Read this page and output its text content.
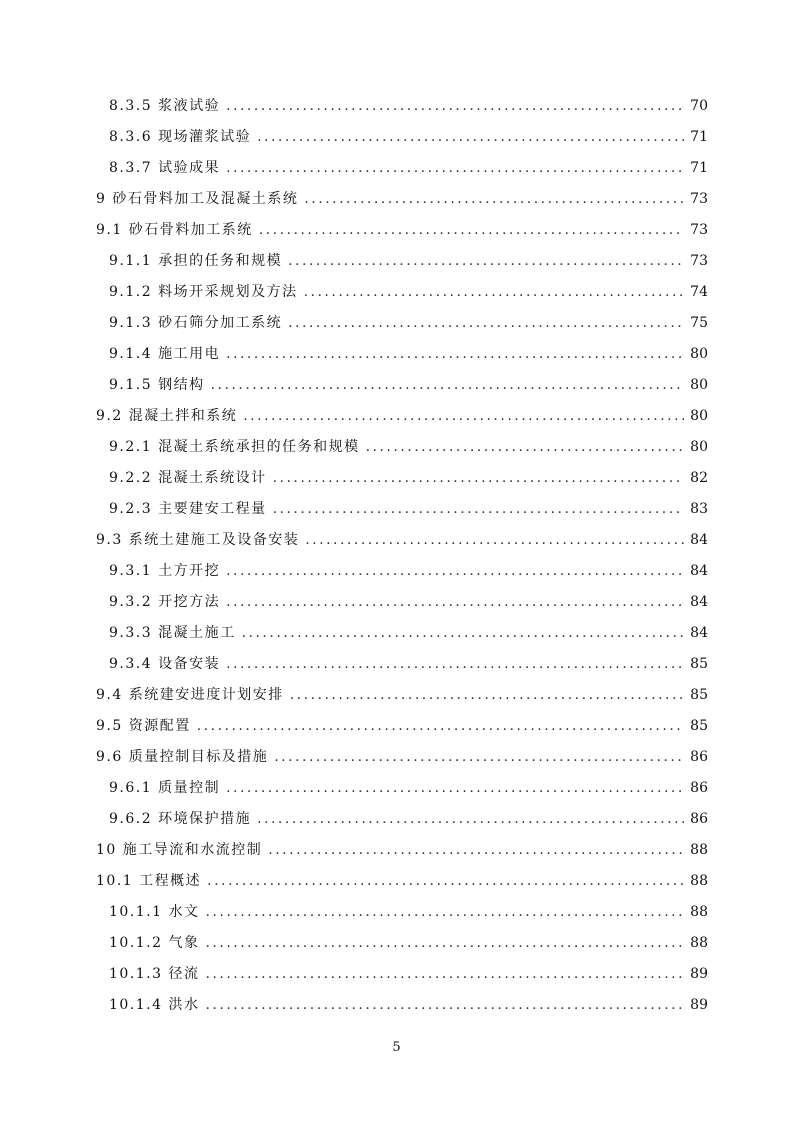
8.3.5 浆液试验 .....	70
8.3.6 现场灌浆试验 .....	71
8.3.7 试验成果 .....	71
9 砂石骨料加工及混凝土系统 .....	73
9.1 砂石骨料加工系统 .....	73
9.1.1 承担的任务和规模 .....	73
9.1.2 料场开采规划及方法 .....	74
9.1.3 砂石筛分加工系统 .....	75
9.1.4 施工用电 .....	80
9.1.5 钢结构 .....	80
9.2 混凝土拌和系统 .....	80
9.2.1 混凝土系统承担的任务和规模 .....	80
9.2.2 混凝土系统设计 .....	82
9.2.3 主要建安工程量 .....	83
9.3 系统土建施工及设备安装 .....	84
9.3.1 土方开挖 .....	84
9.3.2 开挖方法 .....	84
9.3.3 混凝土施工 .....	84
9.3.4 设备安装 .....	85
9.4 系统建安进度计划安排 .....	85
9.5 资源配置 .....	85
9.6 质量控制目标及措施 .....	86
9.6.1 质量控制 .....	86
9.6.2 环境保护措施 .....	86
10 施工导流和水流控制 .....	88
10.1 工程概述 .....	88
10.1.1 水文 .....	88
10.1.2 气象 .....	88
10.1.3 径流 .....	89
10.1.4 洪水 .....	89
5
